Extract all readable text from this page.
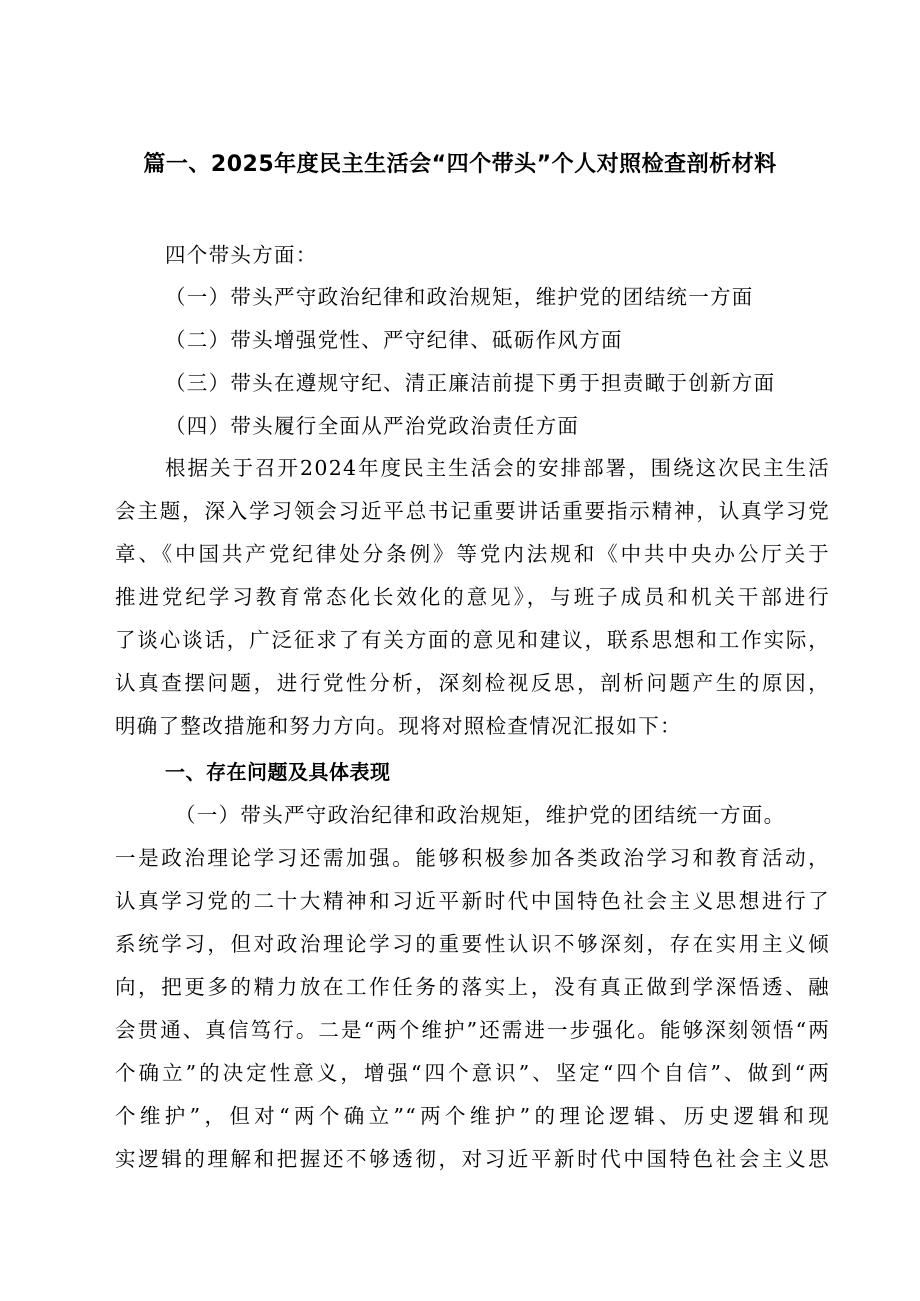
篇一、2025年度民主生活会“四个带头”个人对照检查剖析材料
四个带头方面：
（一）带头严守政治纪律和政治规矩，维护党的团结统一方面
（二）带头增强党性、严守纪律、砥砺作风方面
（三）带头在遵规守纪、清正廉洁前提下勇于担责瞰于创新方面
（四）带头履行全面从严治党政治责任方面
根据关于召开2024年度民主生活会的安排部署，围绕这次民主生活
会主题，深入学习领会习近平总书记重要讲话重要指示精神，认真学习党
章、《中国共产党纪律处分条例》等党内法规和《中共中央办公厅关于
推进党纪学习教育常态化长效化的意见》，与班子成员和机关干部进行
了谈心谈话，广泛征求了有关方面的意见和建议，联系思想和工作实际，
认真查摆问题，进行党性分析，深刻检视反思，剖析问题产生的原因，
明确了整改措施和努力方向。现将对照检查情况汇报如下：
一、存在问题及具体表现
（一）带头严守政治纪律和政治规矩，维护党的团结统一方面。
一是政治理论学习还需加强。能够积极参加各类政治学习和教育活动，
认真学习党的二十大精神和习近平新时代中国特色社会主义思想进行了
系统学习，但对政治理论学习的重要性认识不够深刻，存在实用主义倾
向，把更多的精力放在工作任务的落实上，没有真正做到学深悟透、融
会贯通、真信笃行。二是“两个维护”还需进一步强化。能够深刻领悟“两
个确立”的决定性意义，增强“四个意识”、坚定“四个自信”、做到“两
个维护”，但对“两个确立”“两个维护”的理论逻辑、历史逻辑和现
实逻辑的理解和把握还不够透彻，对习近平新时代中国特色社会主义思
